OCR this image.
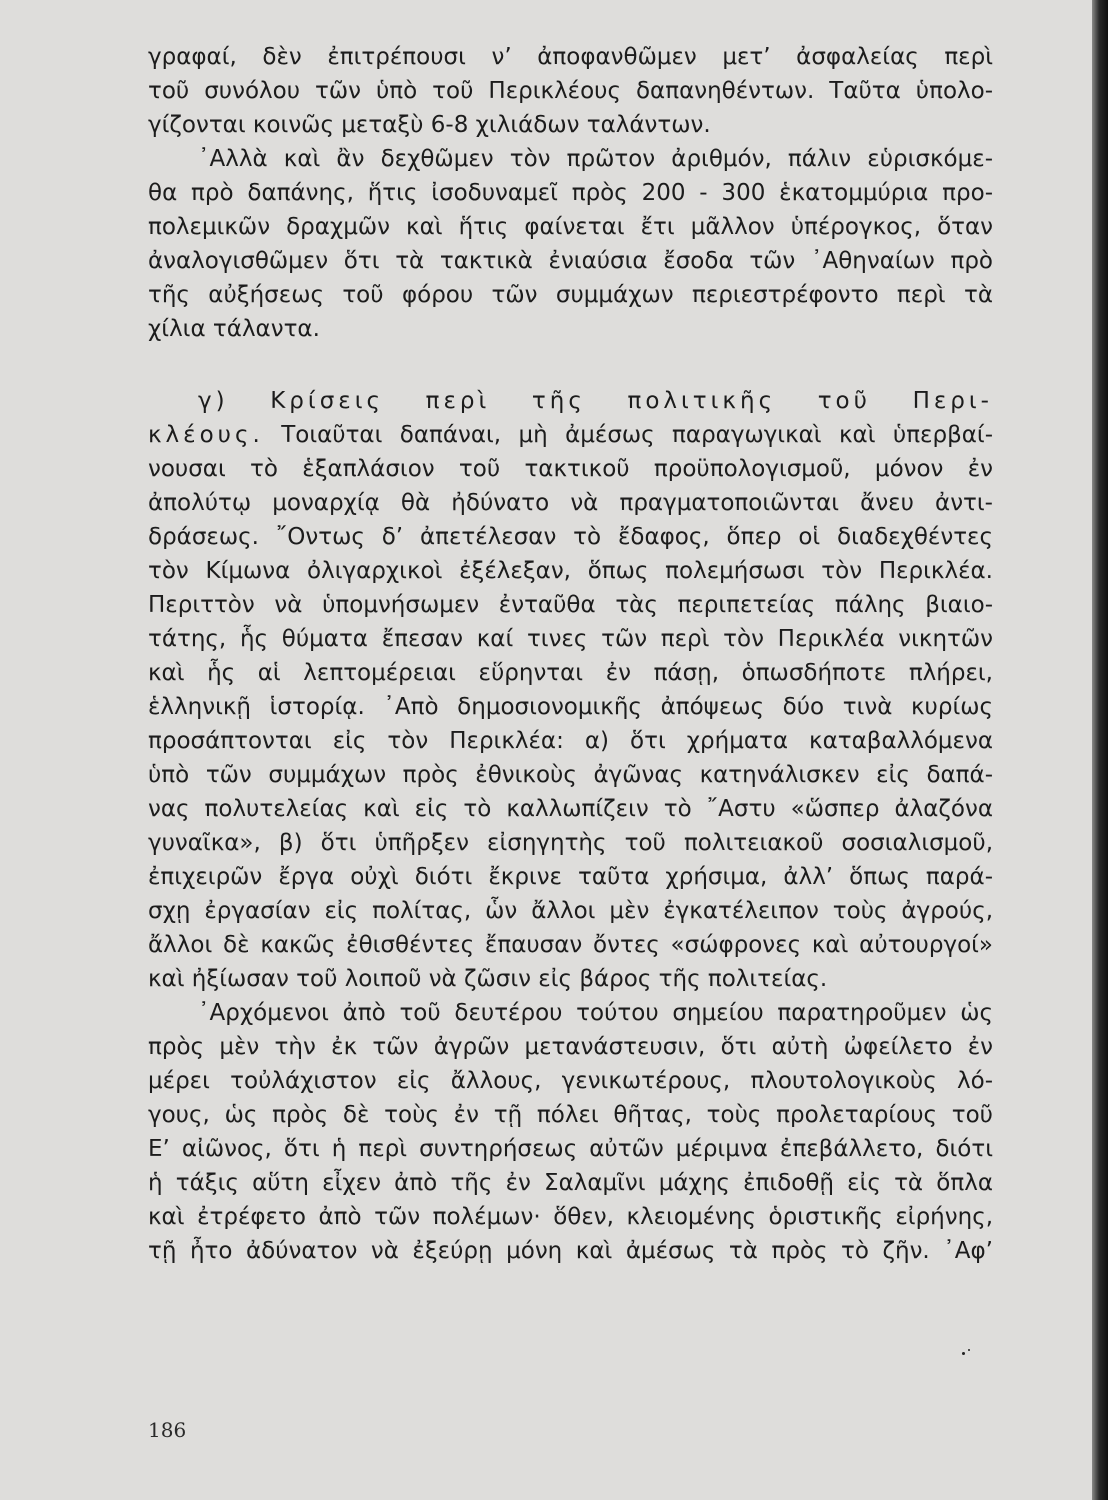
γραφαί, δὲν ἐπιτρέπουσι ν’ ἀποφανθῶμεν μετ’ ἀσφαλείας περὶ
τοῦ συνόλου τῶν ὑπὸ τοῦ Περικλέους δαπανηθέντων. Ταῦτα ὑπολο-
γίζονται κοινῶς μεταξὺ 6-8 χιλιάδων ταλάντων.
᾿Αλλὰ καὶ ἂν δεχθῶμεν τὸν πρῶτον ἀριθμόν, πάλιν εὑρισκόμε-
θα πρὸ δαπάνης, ἥτις ἰσοδυναμεῖ πρὸς 200 - 300 ἑκατομμύρια προ-
πολεμικῶν δραχμῶν καὶ ἥτις φαίνεται ἔτι μᾶλλον ὑπέρογκος, ὅταν
ἀναλογισθῶμεν ὅτι τὰ τακτικὰ ἐνιαύσια ἔσοδα τῶν ᾿Αθηναίων πρὸ
τῆς αὐξήσεως τοῦ φόρου τῶν συμμάχων περιεστρέφοντο περὶ τὰ
χίλια τάλαντα.
γ) Κρίσεις περὶ τῆς πολιτικῆς τοῦ Περι-
κλέους. Τοιαῦται δαπάναι, μὴ ἀμέσως παραγωγικαὶ καὶ ὑπερβαί-
νουσαι τὸ ἑξαπλάσιον τοῦ τακτικοῦ προϋπολογισμοῦ, μόνον ἐν
ἀπολύτῳ μοναρχίᾳ θὰ ἠδύνατο νὰ πραγματοποιῶνται ἄνευ ἀντι-
δράσεως. ῎Οντως δ’ ἀπετέλεσαν τὸ ἔδαφος, ὅπερ οἱ διαδεχθέντες
τὸν Κίμωνα ὀλιγαρχικοὶ ἐξέλεξαν, ὅπως πολεμήσωσι τὸν Περικλέα.
Περιττὸν νὰ ὑπομνήσωμεν ἐνταῦθα τὰς περιπετείας πάλης βιαιο-
τάτης, ἧς θύματα ἔπεσαν καί τινες τῶν περὶ τὸν Περικλέα νικητῶν
καὶ ἧς αἱ λεπτομέρειαι εὕρηνται ἐν πάσῃ, ὁπωσδήποτε πλήρει,
ἑλληνικῇ ἱστορίᾳ. ᾿Απὸ δημοσιονομικῆς ἀπόψεως δύο τινὰ κυρίως
προσάπτονται εἰς τὸν Περικλέα: α) ὅτι χρήματα καταβαλλόμενα
ὑπὸ τῶν συμμάχων πρὸς ἐθνικοὺς ἀγῶνας κατηνάλισκεν εἰς δαπά-
νας πολυτελείας καὶ εἰς τὸ καλλωπίζειν τὸ ῎Αστυ «ὥσπερ ἀλαζόνα
γυναῖκα», β) ὅτι ὑπῆρξεν εἰσηγητὴς τοῦ πολιτειακοῦ σοσιαλισμοῦ,
ἐπιχειρῶν ἔργα οὐχὶ διότι ἔκρινε ταῦτα χρήσιμα, ἀλλ’ ὅπως παρά-
σχῃ ἐργασίαν εἰς πολίτας, ὧν ἄλλοι μὲν ἐγκατέλειπον τοὺς ἀγρούς,
ἄλλοι δὲ κακῶς ἐθισθέντες ἔπαυσαν ὄντες «σώφρονες καὶ αὐτουργοί»
καὶ ἠξίωσαν τοῦ λοιποῦ νὰ ζῶσιν εἰς βάρος τῆς πολιτείας.
᾿Αρχόμενοι ἀπὸ τοῦ δευτέρου τούτου σημείου παρατηροῦμεν ὡς
πρὸς μὲν τὴν ἐκ τῶν ἀγρῶν μετανάστευσιν, ὅτι αὐτὴ ὠφείλετο ἐν
μέρει τοὐλάχιστον εἰς ἄλλους, γενικωτέρους, πλουτολογικοὺς λό-
γους, ὡς πρὸς δὲ τοὺς ἐν τῇ πόλει θῆτας, τοὺς προλεταρίους τοῦ
Ε’ αἰῶνος, ὅτι ἡ περὶ συντηρήσεως αὐτῶν μέριμνα ἐπεβάλλετο, διότι
ἡ τάξις αὕτη εἶχεν ἀπὸ τῆς ἐν Σαλαμῖνι μάχης ἐπιδοθῇ εἰς τὰ ὅπλα
καὶ ἐτρέφετο ἀπὸ τῶν πολέμων· ὅθεν, κλειομένης ὁριστικῆς εἰρήνης,
τῇ ἦτο ἀδύνατον νὰ ἐξεύρῃ μόνη καὶ ἀμέσως τὰ πρὸς τὸ ζῆν. ᾿Αφ’
186
